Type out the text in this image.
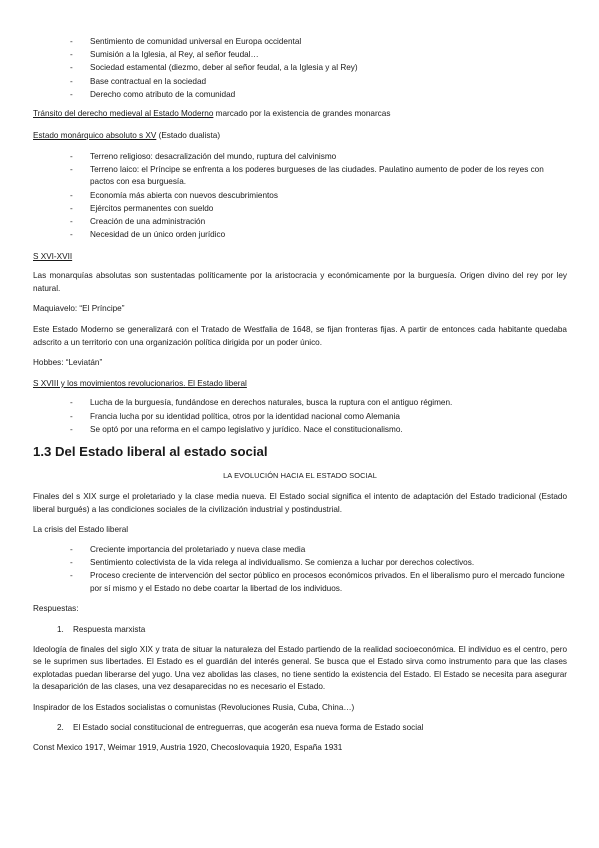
- Sentimiento de comunidad universal en Europa occidental
- Sumisión a la Iglesia, al Rey, al señor feudal…
- Sociedad estamental (diezmo, deber al señor feudal, a la Iglesia y al Rey)
- Base contractual en la sociedad
- Derecho como atributo de la comunidad

Tránsito del derecho medieval al Estado Moderno marcado por la existencia de grandes monarcas

Estado monárquico absoluto s XV (Estado dualista)

- Terreno religioso: desacralización del mundo, ruptura del calvinismo
- Terreno laico: el Príncipe se enfrenta a los poderes burgueses de las ciudades. Paulatino aumento de poder de los reyes con pactos con esa burguesía.
- Economía más abierta con nuevos descubrimientos
- Ejércitos permanentes con sueldo
- Creación de una administración
- Necesidad de un único orden jurídico

S XVI-XVII

Las monarquías absolutas son sustentadas políticamente por la aristocracia y económicamente por la burguesía. Origen divino del rey por ley natural.

Maquiavelo: “El Príncipe”

Este Estado Moderno se generalizará con el Tratado de Westfalia de 1648, se fijan fronteras fijas. A partir de entonces cada habitante quedaba adscrito a un territorio con una organización política dirigida por un poder único.

Hobbes: “Leviatán”

S XVIII y los movimientos revolucionarios. El Estado liberal

- Lucha de la burguesía, fundándose en derechos naturales, busca la ruptura con el antiguo régimen.
- Francia lucha por su identidad política, otros por la identidad nacional como Alemania
- Se optó por una reforma en el campo legislativo y jurídico. Nace el constitucionalismo.

1.3 Del Estado liberal al estado social

LA EVOLUCIÓN HACIA EL ESTADO SOCIAL

Finales del s XIX surge el proletariado y la clase media nueva. El Estado social significa el intento de adaptación del Estado tradicional (Estado liberal burgués) a las condiciones sociales de la civilización industrial y postindustrial.

La crisis del Estado liberal

- Creciente importancia del proletariado y nueva clase media
- Sentimiento colectivista de la vida relega al individualismo. Se comienza a luchar por derechos colectivos.
- Proceso creciente de intervención del sector público en procesos económicos privados. En el liberalismo puro el mercado funcione por sí mismo y el Estado no debe coartar la libertad de los individuos.

Respuestas:

1. Respuesta marxista

Ideología de finales del siglo XIX y trata de situar la naturaleza del Estado partiendo de la realidad socioeconómica. El individuo es el centro, pero se le suprimen sus libertades. El Estado es el guardián del interés general. Se busca que el Estado sirva como instrumento para que las clases explotadas puedan liberarse del yugo. Una vez abolidas las clases, no tiene sentido la existencia del Estado. El Estado se necesita para asegurar la desaparición de las clases, una vez desaparecidas no es necesario el Estado.

Inspirador de los Estados socialistas o comunistas (Revoluciones Rusia, Cuba, China…)

2. El Estado social constitucional de entreguerras, que acogerán esa nueva forma de Estado social

Const Mexico 1917, Weimar 1919, Austria 1920, Checoslovaquia 1920, España 1931
